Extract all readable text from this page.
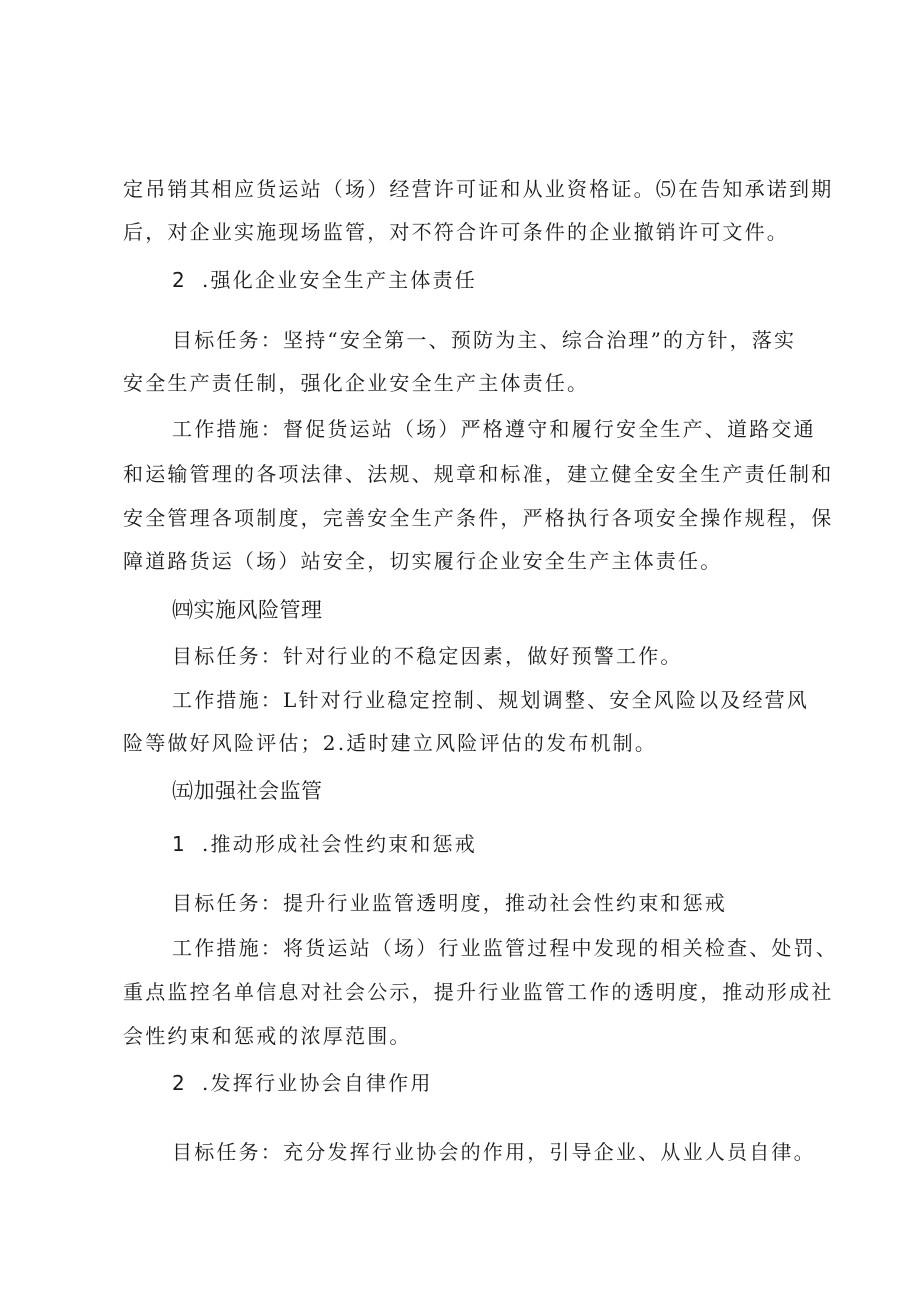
定吊销其相应货运站（场）经营许可证和从业资格证。⑸在告知承诺到期
后，对企业实施现场监管，对不符合许可条件的企业撤销许可文件。
2 .强化企业安全生产主体责任
目标任务：坚持“安全第一、预防为主、综合治理”的方针，落实
安全生产责任制，强化企业安全生产主体责任。
工作措施：督促货运站（场）严格遵守和履行安全生产、道路交通
和运输管理的各项法律、法规、规章和标准，建立健全安全生产责任制和
安全管理各项制度，完善安全生产条件，严格执行各项安全操作规程，保
障道路货运（场）站安全，切实履行企业安全生产主体责任。
㈣实施风险管理
目标任务：针对行业的不稳定因素，做好预警工作。
工作措施：L针对行业稳定控制、规划调整、安全风险以及经营风
险等做好风险评估；2.适时建立风险评估的发布机制。
㈤加强社会监管
1 .推动形成社会性约束和惩戒
目标任务：提升行业监管透明度，推动社会性约束和惩戒
工作措施：将货运站（场）行业监管过程中发现的相关检查、处罚、
重点监控名单信息对社会公示，提升行业监管工作的透明度，推动形成社
会性约束和惩戒的浓厚范围。
2 .发挥行业协会自律作用
目标任务：充分发挥行业协会的作用，引导企业、从业人员自律。
